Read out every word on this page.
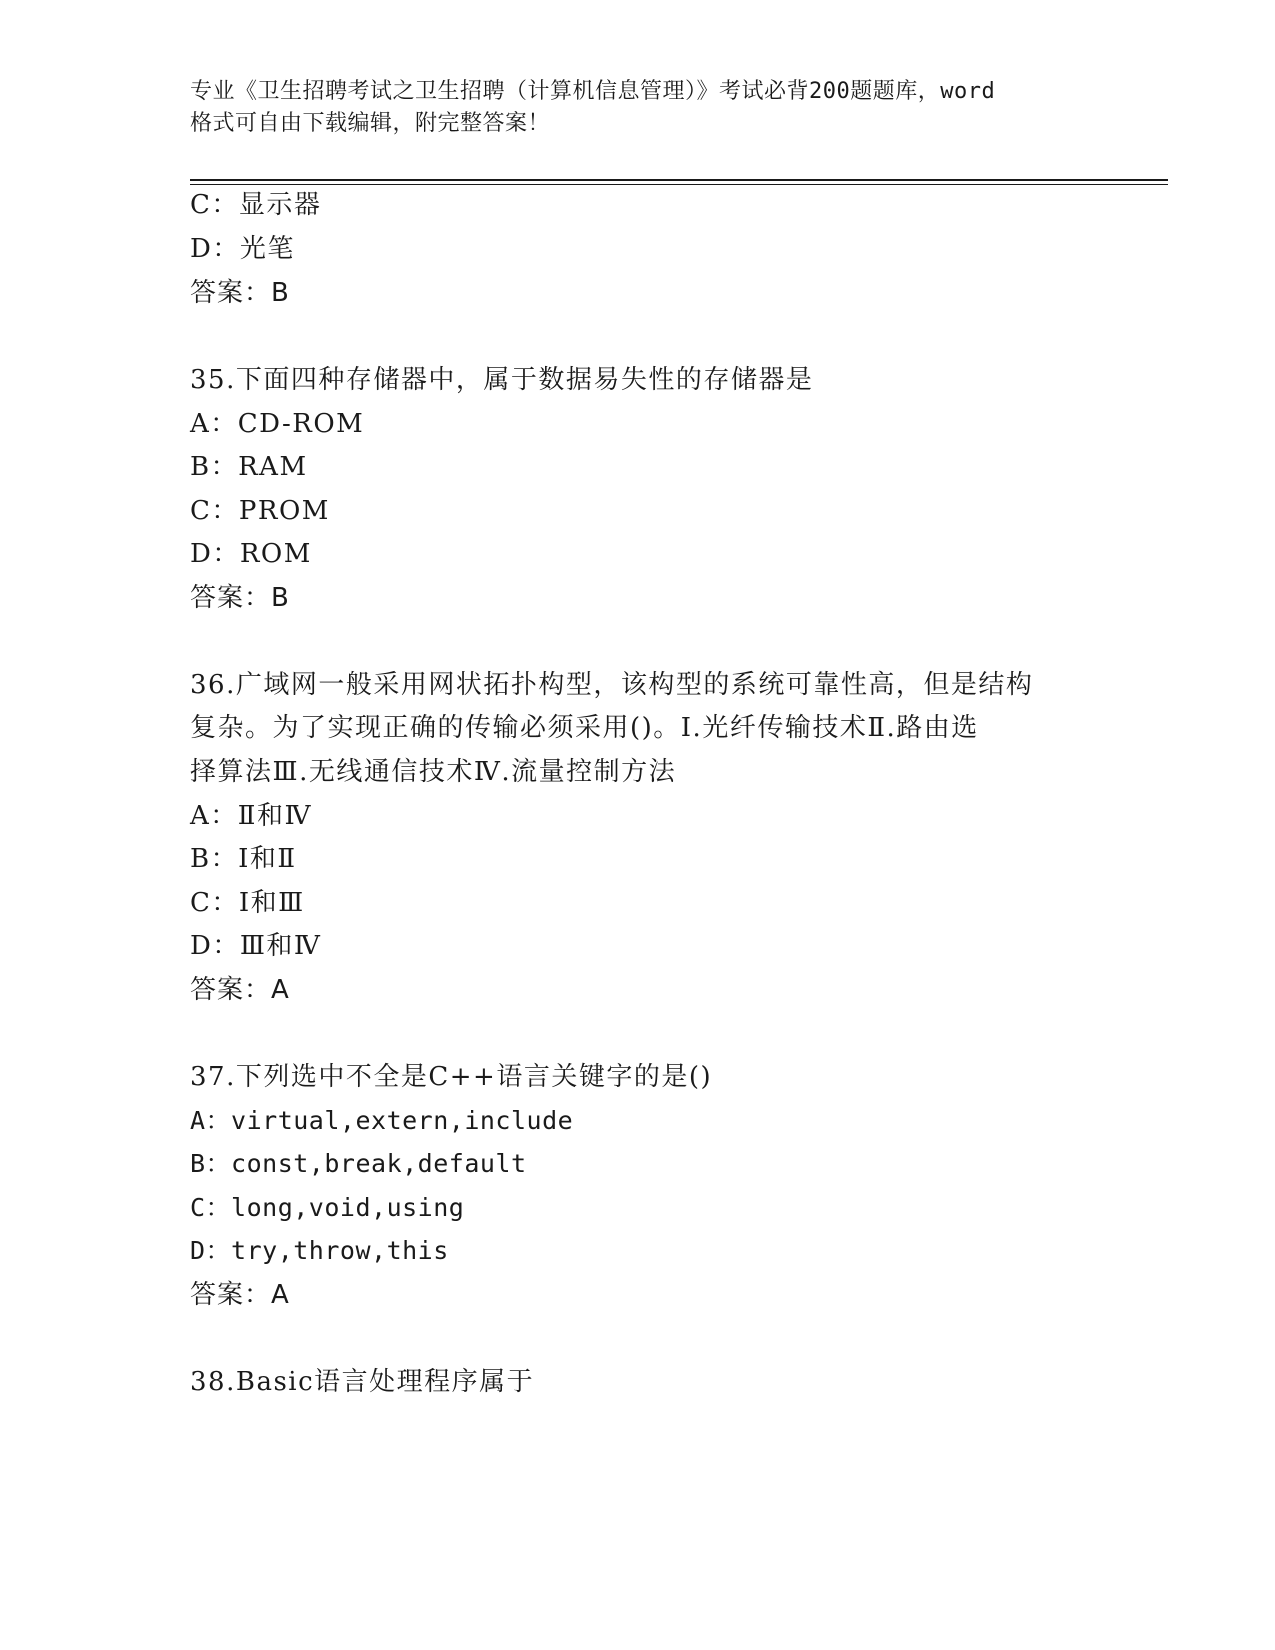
专业《卫生招聘考试之卫生招聘（计算机信息管理）》考试必背200题题库，word
格式可自由下载编辑，附完整答案！
C：显示器
D：光笔
答案：B
35.下面四种存储器中，属于数据易失性的存储器是
A：CD-ROM
B：RAM
C：PROM
D：ROM
答案：B
36.广域网一般采用网状拓扑构型，该构型的系统可靠性高，但是结构
复杂。为了实现正确的传输必须采用()。Ⅰ.光纤传输技术Ⅱ.路由选
择算法Ⅲ.无线通信技术Ⅳ.流量控制方法
A：Ⅱ和Ⅳ
B：Ⅰ和Ⅱ
C：Ⅰ和Ⅲ
D：Ⅲ和Ⅳ
答案：A
37.下列选中不全是C++语言关键字的是()
A：virtual,extern,include
B：const,break,default
C：long,void,using
D：try,throw,this
答案：A
38.Basic语言处理程序属于
